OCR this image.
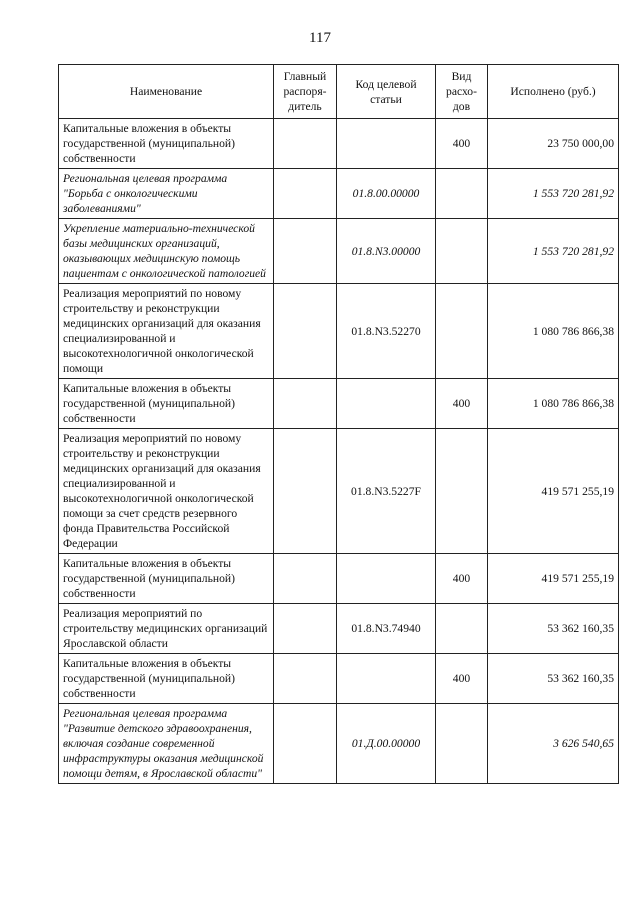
117
Наименование	Главный распоря-дитель	Код целевой статьи	Вид расхо-дов	Исполнено (руб.)
Капитальные вложения в объекты государственной (муниципальной) собственности			400	23 750 000,00
Региональная целевая программа "Борьба с онкологическими заболеваниями"		01.8.00.00000		1 553 720 281,92
Укрепление материально-технической базы медицинских организаций, оказывающих медицинскую помощь пациентам с онкологической патологией		01.8.N3.00000		1 553 720 281,92
Реализация мероприятий по новому строительству и реконструкции медицинских организаций для оказания специализированной и высокотехнологичной онкологической помощи		01.8.N3.52270		1 080 786 866,38
Капитальные вложения в объекты государственной (муниципальной) собственности			400	1 080 786 866,38
Реализация мероприятий по новому строительству и реконструкции медицинских организаций для оказания специализированной и высокотехнологичной онкологической помощи за счет средств резервного фонда Правительства Российской Федерации		01.8.N3.5227F		419 571 255,19
Капитальные вложения в объекты государственной (муниципальной) собственности			400	419 571 255,19
Реализация мероприятий по строительству медицинских организаций Ярославской области		01.8.N3.74940		53 362 160,35
Капитальные вложения в объекты государственной (муниципальной) собственности			400	53 362 160,35
Региональная целевая программа "Развитие детского здравоохранения, включая создание современной инфраструктуры оказания медицинской помощи детям, в Ярославской области"		01.Д.00.00000		3 626 540,65
